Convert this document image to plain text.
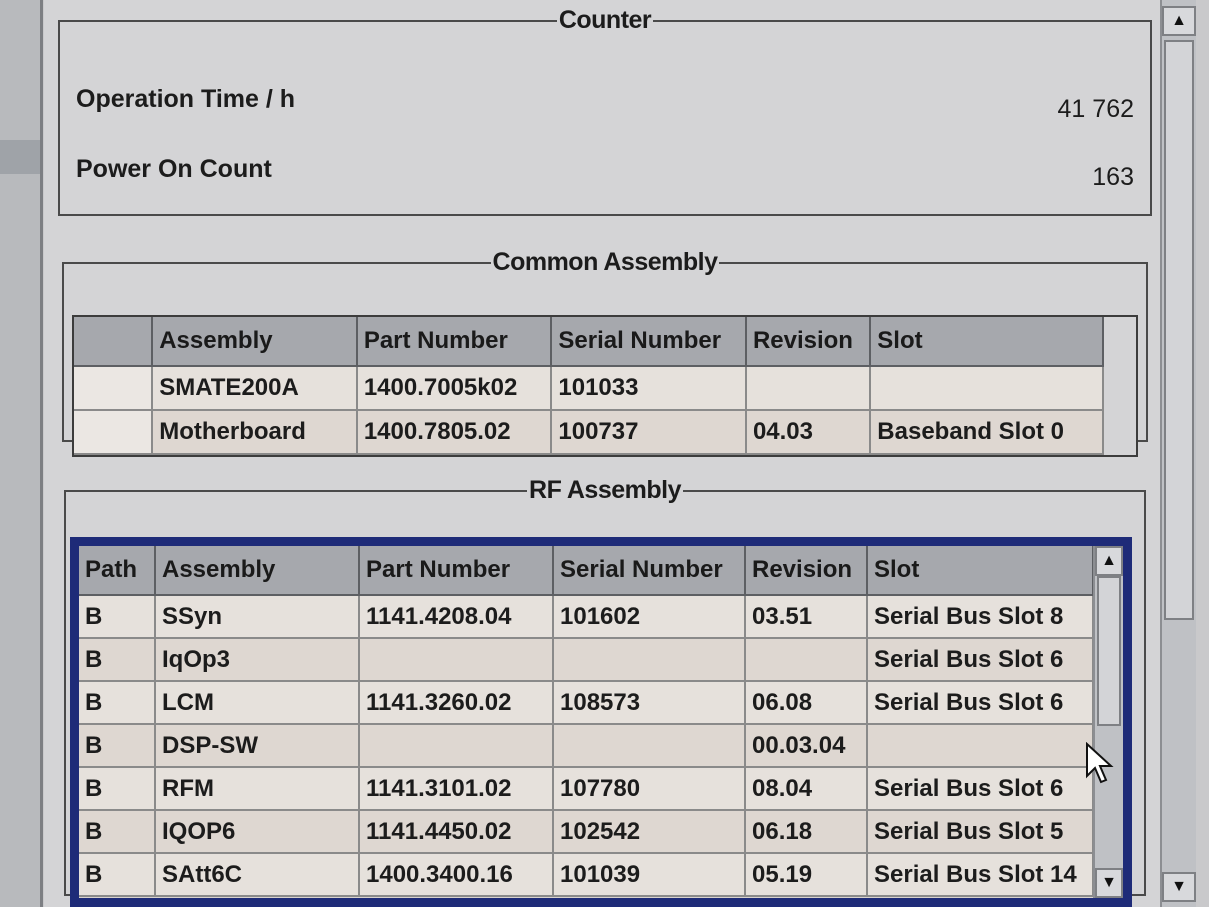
Counter
Operation Time / h	41 762
Power On Count	163
Common Assembly
	Assembly	Part Number	Serial Number	Revision	Slot
	SMATE200A	1400.7005k02	101033		
	Motherboard	1400.7805.02	100737	04.03	Baseband Slot 0
RF Assembly
Path	Assembly	Part Number	Serial Number	Revision	Slot
B	SSyn	1141.4208.04	101602	03.51	Serial Bus Slot 8
B	IqOp3				Serial Bus Slot 6
B	LCM	1141.3260.02	108573	06.08	Serial Bus Slot 6
B	DSP-SW			00.03.04	
B	RFM	1141.3101.02	107780	08.04	Serial Bus Slot 6
B	IQOP6	1141.4450.02	102542	06.18	Serial Bus Slot 5
B	SAtt6C	1400.3400.16	101039	05.19	Serial Bus Slot 14
▲
▼
▲
▼
